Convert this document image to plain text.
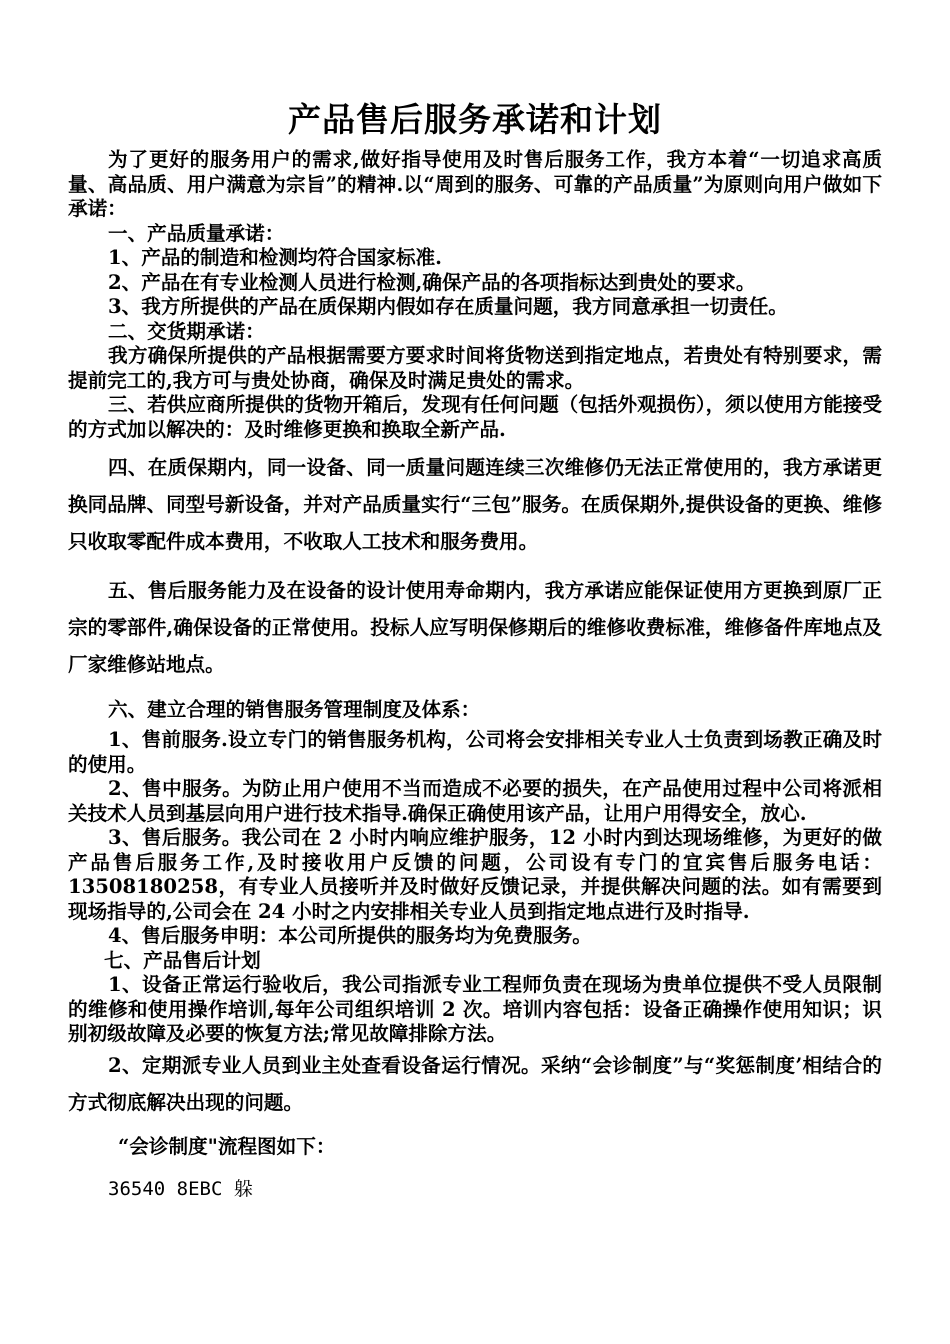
产品售后服务承诺和计划

为了更好的服务用户的需求,做好指导使用及时售后服务工作，我方本着“一切追求高质量、高品质、用户满意为宗旨”的精神.以“周到的服务、可靠的产品质量”为原则向用户做如下承诺：

一、产品质量承诺：

1、产品的制造和检测均符合国家标准.

2、产品在有专业检测人员进行检测,确保产品的各项指标达到贵处的要求。

3、我方所提供的产品在质保期内假如存在质量问题，我方同意承担一切责任。

二、交货期承诺：

我方确保所提供的产品根据需要方要求时间将货物送到指定地点，若贵处有特别要求，需提前完工的,我方可与贵处协商，确保及时满足贵处的需求。

三、若供应商所提供的货物开箱后，发现有任何问题（包括外观损伤），须以使用方能接受的方式加以解决的：及时维修更换和换取全新产品.

四、在质保期内，同一设备、同一质量问题连续三次维修仍无法正常使用的，我方承诺更换同品牌、同型号新设备，并对产品质量实行“三包”服务。在质保期外,提供设备的更换、维修只收取零配件成本费用，不收取人工技术和服务费用。

五、售后服务能力及在设备的设计使用寿命期内，我方承诺应能保证使用方更换到原厂正宗的零部件,确保设备的正常使用。投标人应写明保修期后的维修收费标准，维修备件库地点及厂家维修站地点。

六、建立合理的销售服务管理制度及体系：

1、售前服务.设立专门的销售服务机构，公司将会安排相关专业人士负责到场教正确及时的使用。

2、售中服务。为防止用户使用不当而造成不必要的损失，在产品使用过程中公司将派相关技术人员到基层向用户进行技术指导.确保正确使用该产品，让用户用得安全，放心.

3、售后服务。我公司在 2 小时内响应维护服务，12 小时内到达现场维修，为更好的做产品售后服务工作,及时接收用户反馈的问题，公司设有专门的宜宾售后服务电话：13508180258，有专业人员接听并及时做好反馈记录，并提供解决问题的法。如有需要到现场指导的,公司会在 24 小时之内安排相关专业人员到指定地点进行及时指导.

4、售后服务申明：本公司所提供的服务均为免费服务。

七、产品售后计划

1、设备正常运行验收后，我公司指派专业工程师负责在现场为贵单位提供不受人员限制的维修和使用操作培训,每年公司组织培训 2 次。培训内容包括：设备正确操作使用知识；识别初级故障及必要的恢复方法;常见故障排除方法。

2、定期派专业人员到业主处查看设备运行情况。采纳“会诊制度”与“奖惩制度’相结合的方式彻底解决出现的问题。

“会诊制度"流程图如下：

36540 8EBC 躲
